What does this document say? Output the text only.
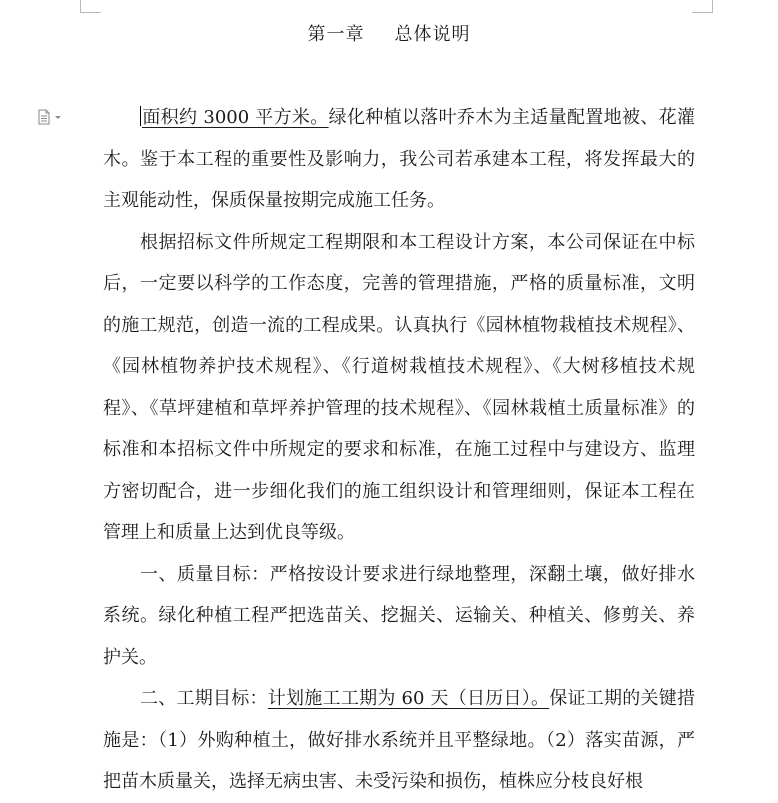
第一章 总体说明

面积约 3000 平方米。绿化种植以落叶乔木为主适量配置地被、花灌木。鉴于本工程的重要性及影响力，我公司若承建本工程，将发挥最大的主观能动性，保质保量按期完成施工任务。

根据招标文件所规定工程期限和本工程设计方案，本公司保证在中标后，一定要以科学的工作态度，完善的管理措施，严格的质量标准，文明的施工规范，创造一流的工程成果。认真执行《园林植物栽植技术规程》、《园林植物养护技术规程》、《行道树栽植技术规程》、《大树移植技术规程》、《草坪建植和草坪养护管理的技术规程》、《园林栽植土质量标准》的标准和本招标文件中所规定的要求和标准，在施工过程中与建设方、监理方密切配合，进一步细化我们的施工组织设计和管理细则，保证本工程在管理上和质量上达到优良等级。

一、质量目标：严格按设计要求进行绿地整理，深翻土壤，做好排水系统。绿化种植工程严把选苗关、挖掘关、运输关、种植关、修剪关、养护关。

二、工期目标：计划施工工期为 60 天（日历日）。保证工期的关键措施是：（1）外购种植土，做好排水系统并且平整绿地。（2）落实苗源，严把苗木质量关，选择无病虫害、未受污染和损伤，植株应分枝良好根
